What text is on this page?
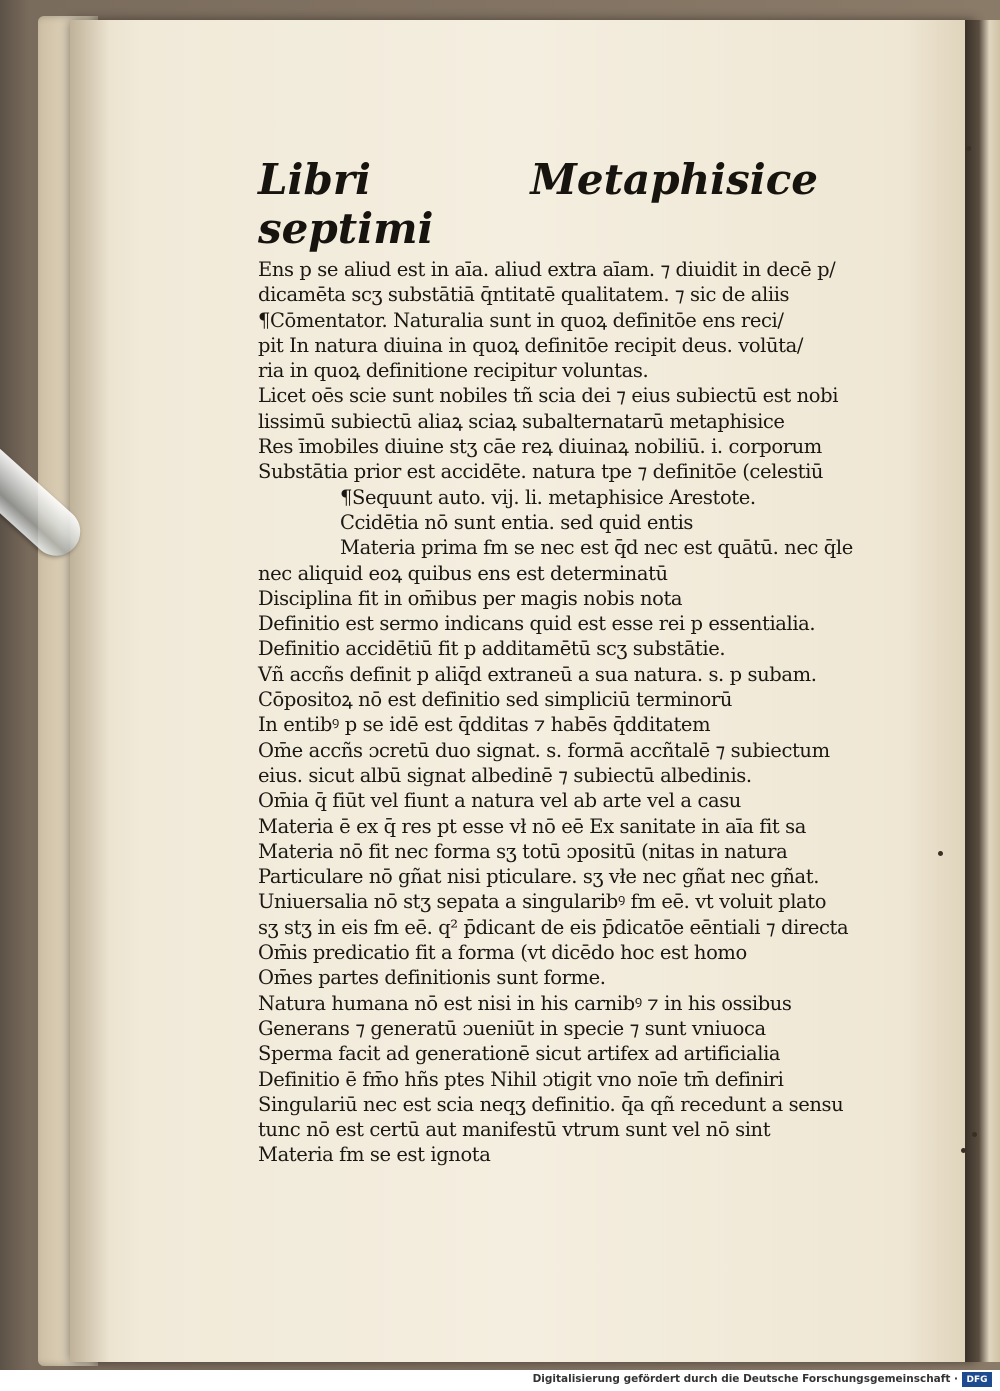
Libri septimi
Metaphisice
Ens p se aliud est in aīa. aliud extra aīam. ⁊ diuidit in decē p/
dicamēta scʒ substātiā q̄ntitatē qualitatem. ⁊ sic de aliis
¶Cōmentator. Naturalia sunt in quoꝝ definitōe ens reci/
pit In natura diuina in quoꝝ definitōe recipit deus. volūta/
ria in quoꝝ definitione recipitur voluntas.
Licet oēs scie sunt nobiles tñ scia dei ⁊ eius subiectū est nobi
lissimū subiectū aliaꝝ sciaꝝ subalternatarū metaphisice
Res īmobiles diuine stʒ cāe reꝝ diuinaꝝ nobiliū. i. corporum
Substātia prior est accidēte. natura tpe ⁊ definitōe (celestiū
¶Sequunt auto. vij. li. metaphisice Arestote.
Ccidētia nō sunt entia. sed quid entis
Materia prima fm se nec est q̄d nec est quātū. nec q̄le
nec aliquid eoꝝ quibus ens est determinatū
Disciplina fit in om̄ibus per magis nobis nota
Definitio est sermo indicans quid est esse rei p essentialia.
Definitio accidētiū fit p additamētū scʒ substātie.
Vñ accñs definit p aliq̄d extraneū a sua natura. s. p subam.
Cōpositoꝝ nō est definitio sed simpliciū terminorū
In entibꝰ p se idē est q̄dditas ⁊ habēs q̄dditatem
Om̄e accñs ɔcretū duo signat. s. formā accñtalē ⁊ subiectum
eius. sicut albū signat albedinē ⁊ subiectū albedinis.
Om̄ia q̄ fiūt vel fiunt a natura vel ab arte vel a casu
Materia ē ex q̄ res pt esse vł nō eē Ex sanitate in aīa fit sa
Materia nō fit nec forma sʒ totū ɔpositū (nitas in natura
Particulare nō gñat nisi pticulare. sʒ vłe nec gñat nec gñat.
Uniuersalia nō stʒ sepata a singularibꝰ fm eē. vt voluit plato
sʒ stʒ in eis fm eē. q² p̄dicant de eis p̄dicatōe eēntiali ⁊ directa
Om̄is predicatio fit a forma (vt dicēdo hoc est homo
Om̄es partes definitionis sunt forme.
Natura humana nō est nisi in his carnibꝰ ⁊ in his ossibus
Generans ⁊ generatū ɔueniūt in specie ⁊ sunt vniuoca
Sperma facit ad generationē sicut artifex ad artificialia
Definitio ē fm̄o hñs ptes Nihil ɔtigit vno noīe tm̄ definiri
Singulariū nec est scia neqʒ definitio. q̄a qñ recedunt a sensu
tunc nō est certū aut manifestū vtrum sunt vel nō sint
Materia fm se est ignota
Digitalisierung gefördert durch die Deutsche Forschungsgemeinschaft · DFG
